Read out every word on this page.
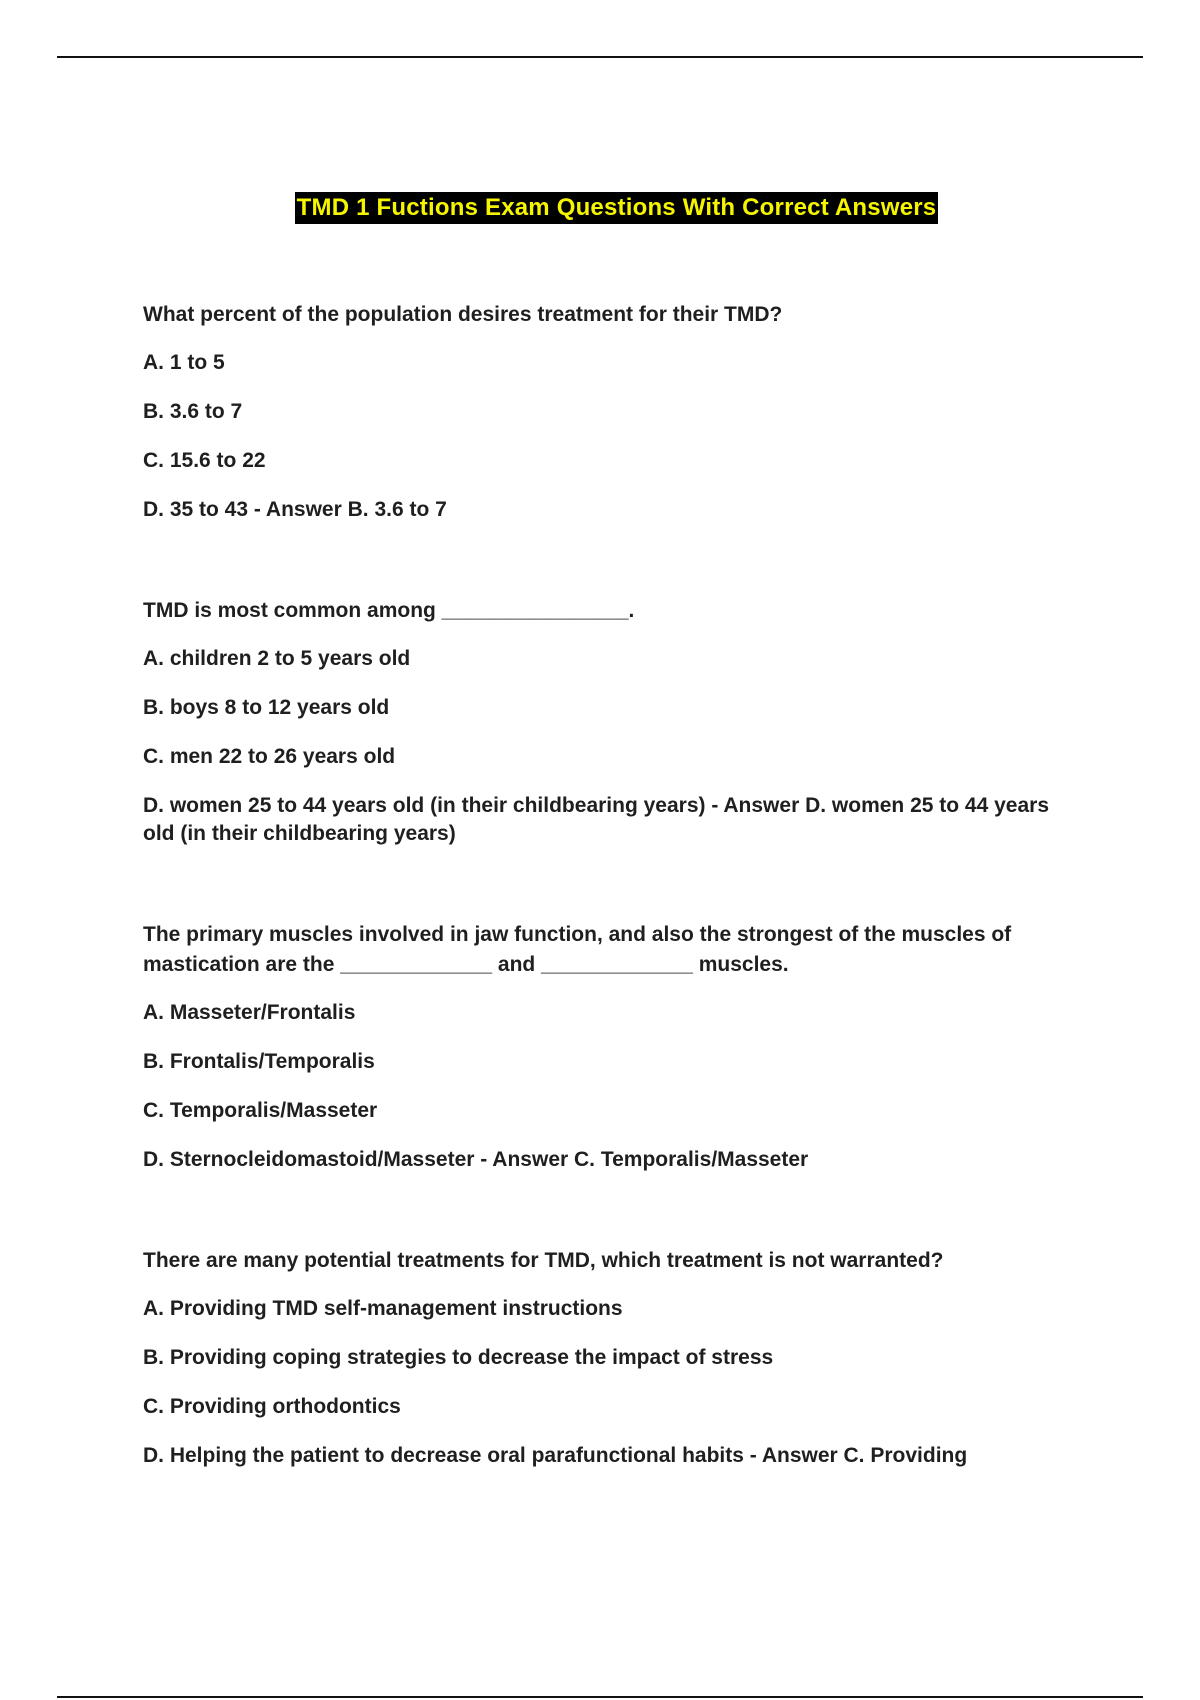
TMD 1 Fuctions Exam Questions With Correct Answers
What percent of the population desires treatment for their TMD?
A. 1 to 5
B. 3.6 to 7
C. 15.6 to 22
D. 35 to 43 - Answer B. 3.6 to 7
TMD is most common among ________________.
A. children 2 to 5 years old
B. boys 8 to 12 years old
C. men 22 to 26 years old
D. women 25 to 44 years old (in their childbearing years) - Answer D. women 25 to 44 years old (in their childbearing years)
The primary muscles involved in jaw function, and also the strongest of the muscles of mastication are the _____________ and _____________ muscles.
A. Masseter/Frontalis
B. Frontalis/Temporalis
C. Temporalis/Masseter
D. Sternocleidomastoid/Masseter - Answer C. Temporalis/Masseter
There are many potential treatments for TMD, which treatment is not warranted?
A. Providing TMD self-management instructions
B. Providing coping strategies to decrease the impact of stress
C. Providing orthodontics
D. Helping the patient to decrease oral parafunctional habits - Answer C. Providing
